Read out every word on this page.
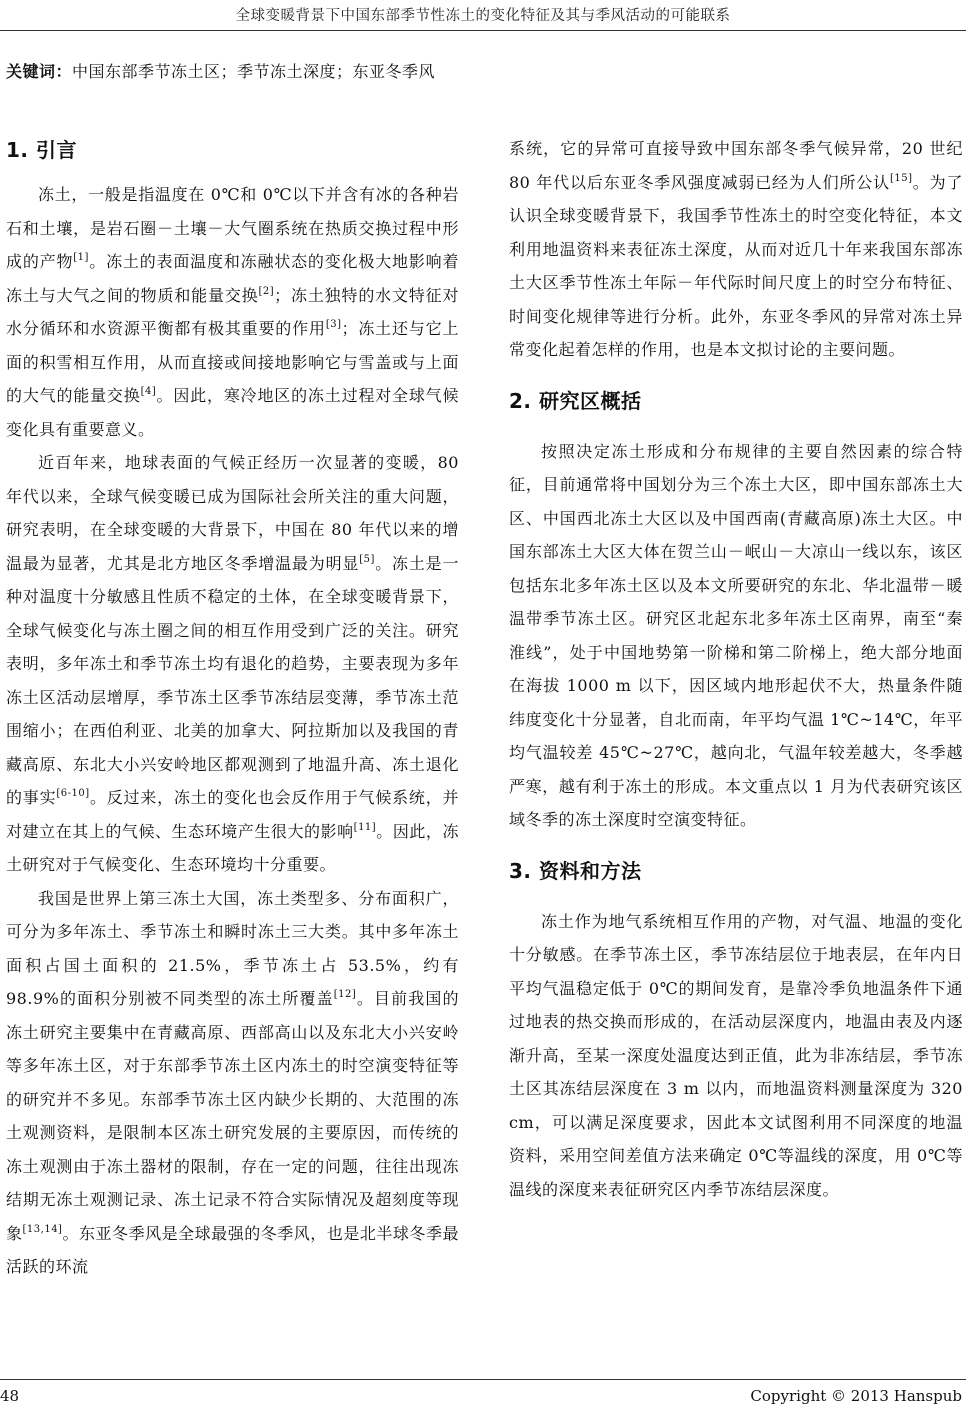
全球变暖背景下中国东部季节性冻土的变化特征及其与季风活动的可能联系
关键词：中国东部季节冻土区；季节冻土深度；东亚冬季风
1. 引言

冻土，一般是指温度在 0℃和 0℃以下并含有冰的各种岩石和土壤，是岩石圈－土壤－大气圈系统在热质交换过程中形成的产物[1]。冻土的表面温度和冻融状态的变化极大地影响着冻土与大气之间的物质和能量交换[2]；冻土独特的水文特征对水分循环和水资源平衡都有极其重要的作用[3]；冻土还与它上面的积雪相互作用，从而直接或间接地影响它与雪盖或与上面的大气的能量交换[4]。因此，寒冷地区的冻土过程对全球气候变化具有重要意义。

近百年来，地球表面的气候正经历一次显著的变暖，80 年代以来，全球气候变暖已成为国际社会所关注的重大问题，研究表明，在全球变暖的大背景下，中国在 80 年代以来的增温最为显著，尤其是北方地区冬季增温最为明显[5]。冻土是一种对温度十分敏感且性质不稳定的土体，在全球变暖背景下，全球气候变化与冻土圈之间的相互作用受到广泛的关注。研究表明，多年冻土和季节冻土均有退化的趋势，主要表现为多年冻土区活动层增厚，季节冻土区季节冻结层变薄，季节冻土范围缩小；在西伯利亚、北美的加拿大、阿拉斯加以及我国的青藏高原、东北大小兴安岭地区都观测到了地温升高、冻土退化的事实[6-10]。反过来，冻土的变化也会反作用于气候系统，并对建立在其上的气候、生态环境产生很大的影响[11]。因此，冻土研究对于气候变化、生态环境均十分重要。

我国是世界上第三冻土大国，冻土类型多、分布面积广，可分为多年冻土、季节冻土和瞬时冻土三大类。其中多年冻土面积占国土面积的 21.5%，季节冻土占 53.5%，约有 98.9%的面积分别被不同类型的冻土所覆盖[12]。目前我国的冻土研究主要集中在青藏高原、西部高山以及东北大小兴安岭等多年冻土区，对于东部季节冻土区内冻土的时空演变特征等的研究并不多见。东部季节冻土区内缺少长期的、大范围的冻土观测资料，是限制本区冻土研究发展的主要原因，而传统的冻土观测由于冻土器材的限制，存在一定的问题，往往出现冻结期无冻土观测记录、冻土记录不符合实际情况及超刻度等现象[13,14]。东亚冬季风是全球最强的冬季风，也是北半球冬季最活跃的环流

系统，它的异常可直接导致中国东部冬季气候异常，20 世纪 80 年代以后东亚冬季风强度减弱已经为人们所公认[15]。为了认识全球变暖背景下，我国季节性冻土的时空变化特征，本文利用地温资料来表征冻土深度，从而对近几十年来我国东部冻土大区季节性冻土年际－年代际时间尺度上的时空分布特征、时间变化规律等进行分析。此外，东亚冬季风的异常对冻土异常变化起着怎样的作用，也是本文拟讨论的主要问题。

2. 研究区概括

按照决定冻土形成和分布规律的主要自然因素的综合特征，目前通常将中国划分为三个冻土大区，即中国东部冻土大区、中国西北冻土大区以及中国西南(青藏高原)冻土大区。中国东部冻土大区大体在贺兰山－岷山－大凉山一线以东，该区包括东北多年冻土区以及本文所要研究的东北、华北温带－暖温带季节冻土区。研究区北起东北多年冻土区南界，南至“秦淮线”，处于中国地势第一阶梯和第二阶梯上，绝大部分地面在海拔 1000 m 以下，因区域内地形起伏不大，热量条件随纬度变化十分显著，自北而南，年平均气温 1℃~14℃，年平均气温较差 45℃~27℃，越向北，气温年较差越大，冬季越严寒，越有利于冻土的形成。本文重点以 1 月为代表研究该区域冬季的冻土深度时空演变特征。

3. 资料和方法

冻土作为地气系统相互作用的产物，对气温、地温的变化十分敏感。在季节冻土区，季节冻结层位于地表层，在年内日平均气温稳定低于 0℃的期间发育，是靠冷季负地温条件下通过地表的热交换而形成的，在活动层深度内，地温由表及内逐渐升高，至某一深度处温度达到正值，此为非冻结层，季节冻土区其冻结层深度在 3 m 以内，而地温资料测量深度为 320 cm，可以满足深度要求，因此本文试图利用不同深度的地温资料，采用空间差值方法来确定 0℃等温线的深度，用 0℃等温线的深度来表征研究区内季节冻结层深度。

48	Copyright © 2013 Hanspub
